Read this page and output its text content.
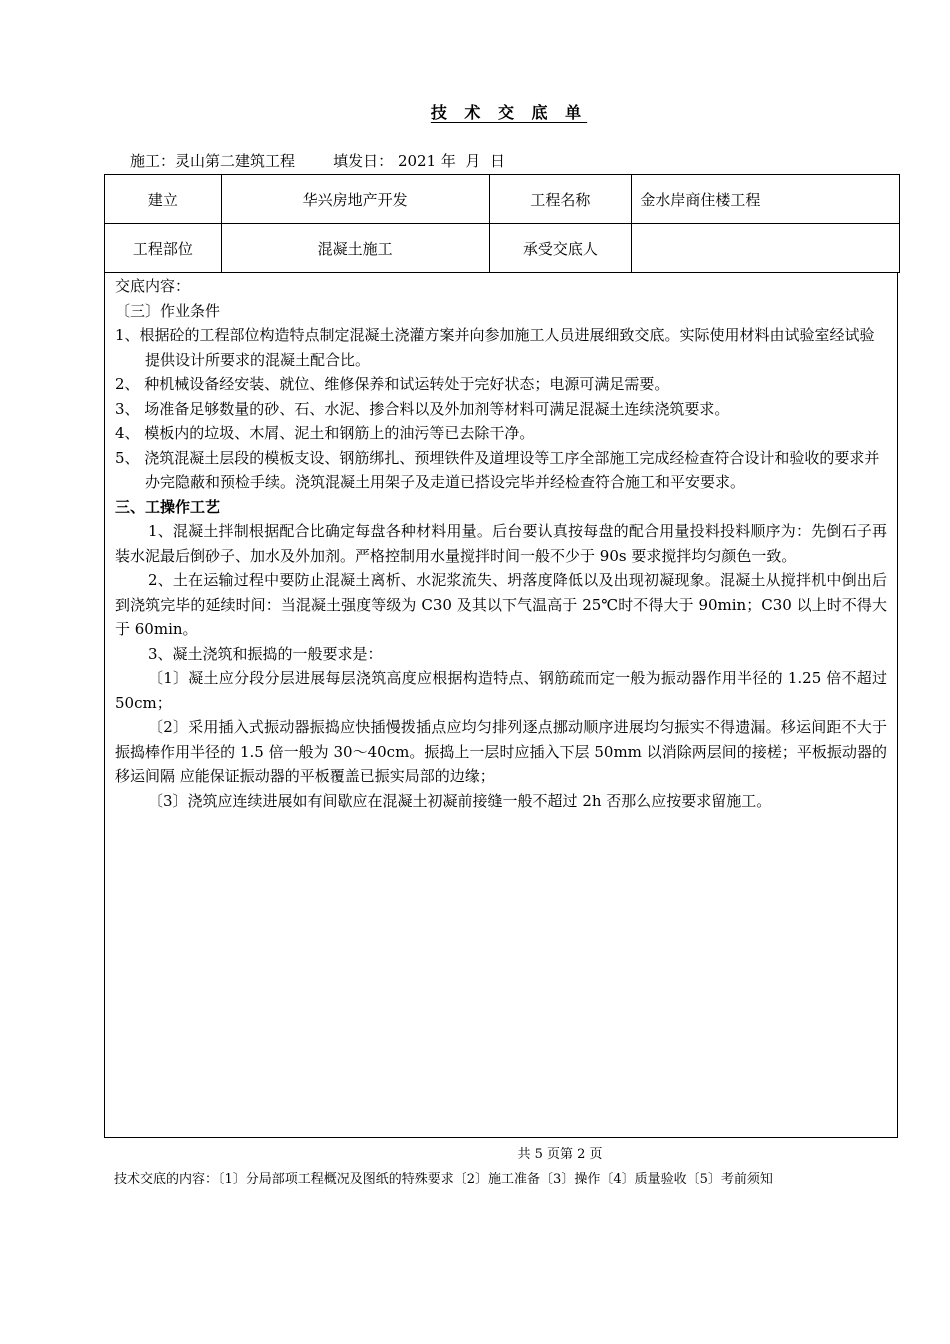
技 术 交 底 单
施工：灵山第二建筑工程	填发日： 2021 年  月  日
建立	华兴房地产开发	工程名称	金水岸商住楼工程
工程部位	混凝土施工	承受交底人	

交底内容：

〔三〕作业条件

1、根据砼的工程部位构造特点制定混凝土浇灌方案并向参加施工人员进展细致交底。实际使用材料由试验室经试验提供设计所要求的混凝土配合比。

2、 种机械设备经安装、就位、维修保养和试运转处于完好状态；电源可满足需要。

3、 场准备足够数量的砂、石、水泥、掺合料以及外加剂等材料可满足混凝土连续浇筑要求。

4、 模板内的垃圾、木屑、泥土和钢筋上的油污等已去除干净。

5、 浇筑混凝土层段的模板支设、钢筋绑扎、预埋铁件及道埋设等工序全部施工完成经检查符合设计和验收的要求并办完隐蔽和预检手续。浇筑混凝土用架子及走道已搭设完毕并经检查符合施工和平安要求。

三、工操作工艺

1、混凝土拌制根据配合比确定每盘各种材料用量。后台要认真按每盘的配合用量投料投料顺序为：先倒石子再装水泥最后倒砂子、加水及外加剂。严格控制用水量搅拌时间一般不少于 90s 要求搅拌均匀颜色一致。

2、土在运输过程中要防止混凝土离析、水泥浆流失、坍落度降低以及出现初凝现象。混凝土从搅拌机中倒出后到浇筑完毕的延续时间：当混凝土强度等级为 C30 及其以下气温高于 25℃时不得大于 90min；C30 以上时不得大于 60min。

3、凝土浇筑和振捣的一般要求是：

〔1〕凝土应分段分层进展每层浇筑高度应根据构造特点、钢筋疏而定一般为振动器作用半径的 1.25 倍不超过 50cm；

〔2〕采用插入式振动器振捣应快插慢拨插点应均匀排列逐点挪动顺序进展均匀振实不得遗漏。移运间距不大于振捣棒作用半径的 1.5 倍一般为 30～40cm。振捣上一层时应插入下层 50mm 以消除两层间的接槎；平板振动器的移运间隔 应能保证振动器的平板覆盖已振实局部的边缘；

〔3〕浇筑应连续进展如有间歇应在混凝土初凝前接缝一般不超过 2h 否那么应按要求留施工。

共 5 页第 2 页
技术交底的内容：〔1〕分局部项工程概况及图纸的特殊要求〔2〕施工准备〔3〕操作〔4〕质量验收〔5〕考前须知
